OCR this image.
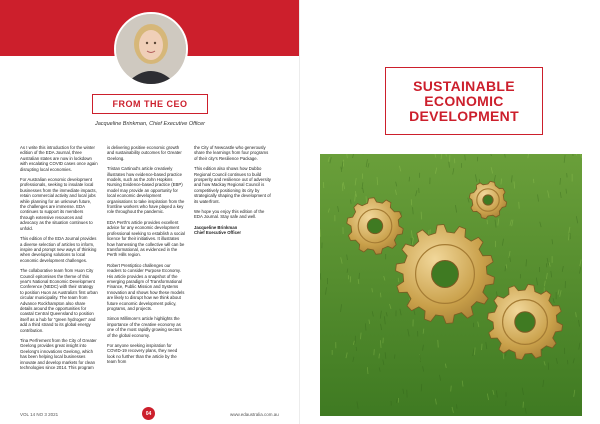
FROM THE CEO
Jacqueline Brinkman, Chief Executive Officer

As I write this introduction for the winter edition of the EDA Journal, three Australian states are now in lockdown with escalating COVID cases once again disrupting local economies.

For Australian economic development professionals, seeking to insulate local businesses from the immediate impacts, retain commercial activity and local jobs while planning for an unknown future, the challenges are immense. EDA continues to support its members through extensive resources and advocacy as the situation continues to unfold.

This edition of the EDA Journal provides a diverse selection of articles to inform, inspire and prompt new ways of thinking when developing solutions to local economic development challenges.

The collaborative team from Huon City Council epitomises the theme of this year's National Economic Development Conference (NEDC) with their strategy to position Huon as Australia's first urban circular municipality. The team from Advance Rockhampton also share details around the opportunities for coastal Central Queensland to position itself as a hub for "green hydrogen" and add a third strand to its global energy contribution.

Tina Perfrement from the City of Greater Geelong provides great insight into Geelong's innovations Geelong, which has been helping local businesses innovate and develop markets for clean technologies since 2014. This program

is delivering positive economic growth and sustainability outcomes for Greater Geelong.

Tristan Cartinod's article creatively illustrates how evidence-based practice models, such as the John Hopkins Nursing Evidence-based practice (EBP) model may provide an opportunity for local economic development organisations to take inspiration from the frontline workers who have played a key role throughout the pandemic.

EDA Perth's article provides excellent advice for any economic development professional seeking to establish a social licence for their initiatives. It illustrates how harnessing the collective will can be transformational, as evidenced in the Perth Hills region.

Robert Prentiptico challenges our readers to consider Purpose Economy. His article provides a snapshot of the emerging paradigm of Transformational Finance, Public Mission and Systems Innovation and shows how these models are likely to disrupt how we think about future economic development policy, programs, and projects.

Simon Millimore's article highlights the importance of the creative economy as one of the most rapidly growing sectors of the global economy.

For anyone seeking inspiration for COVID-19 recovery plans, they need look no further than the article by the team from

the City of Newcastle who generously share the learnings from four programs of their city's Resilience Package.

This edition also shows how Dubbo Regional Council continues to build prosperity and resilience out of adversity and how Mackay Regional Council is competitively positioning its city by strategically shaping the development of its waterfront.

We hope you enjoy this edition of the EDA Journal. Stay safe and well.

Jacqueline Brinkman
Chief Executive Officer

VOL 14 NO 3 2021	04	www.edaustralia.com.au
SUSTAINABLE
ECONOMIC
DEVELOPMENT
